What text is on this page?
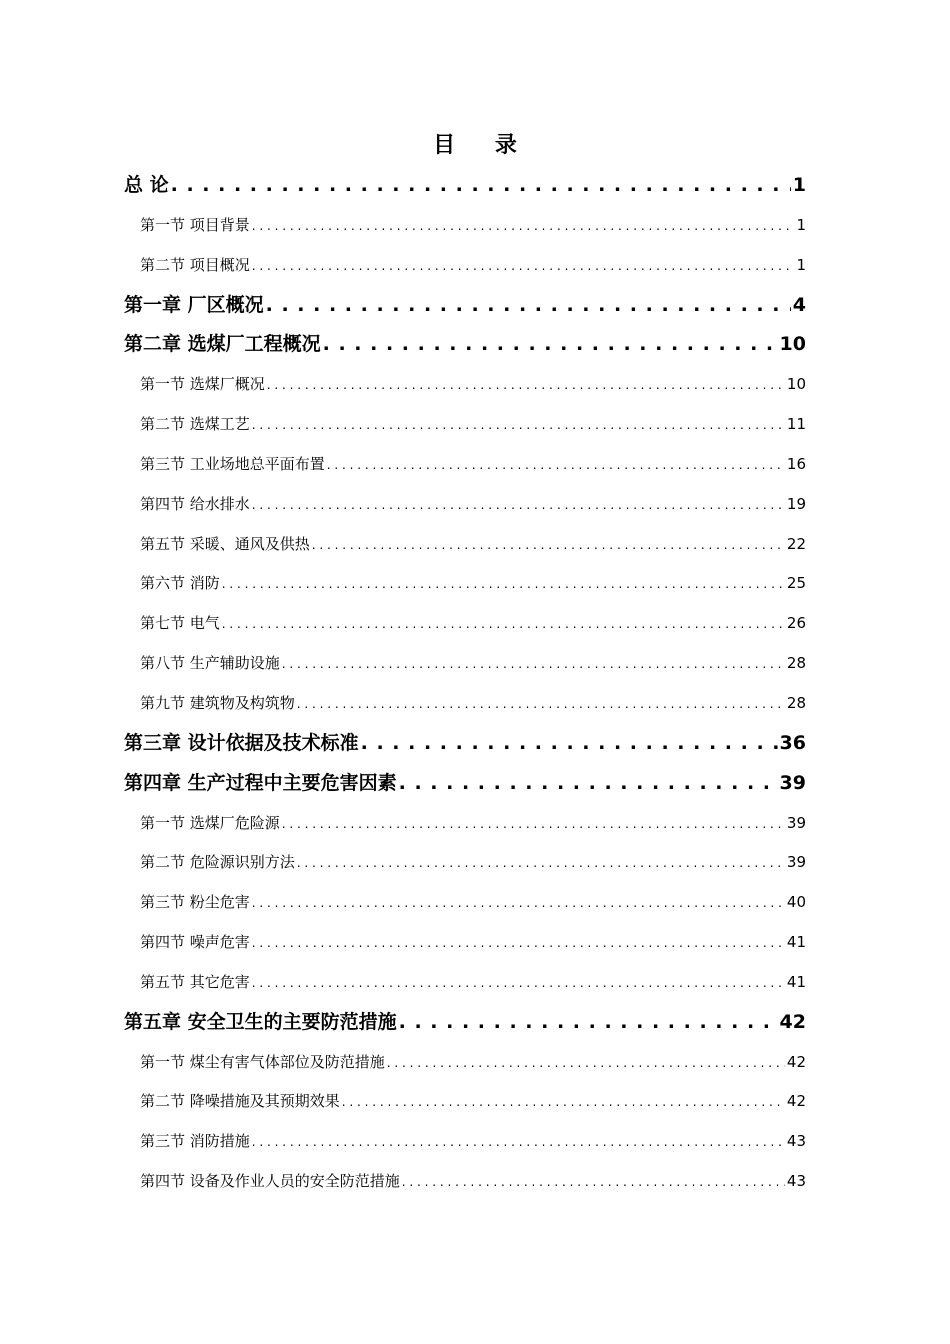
目 录
总 论 . . .	1
第一节 项目背景 . . .	1
第二节 项目概况 . . .	1
第一章 厂区概况 . . .	4
第二章 选煤厂工程概况 . . .	10
第一节 选煤厂概况 . . .	10
第二节 选煤工艺 . . .	11
第三节 工业场地总平面布置 . . .	16
第四节 给水排水 . . .	19
第五节 采暖、通风及供热 . . .	22
第六节 消防 . . .	25
第七节 电气 . . .	26
第八节 生产辅助设施 . . .	28
第九节 建筑物及构筑物 . . .	28
第三章 设计依据及技术标准 . . .	36
第四章 生产过程中主要危害因素 . . .	39
第一节 选煤厂危险源 . . .	39
第二节 危险源识别方法 . . .	39
第三节 粉尘危害 . . .	40
第四节 噪声危害 . . .	41
第五节 其它危害 . . .	41
第五章 安全卫生的主要防范措施 . . .	42
第一节 煤尘有害气体部位及防范措施 . . .	42
第二节 降噪措施及其预期效果 . . .	42
第三节 消防措施 . . .	43
第四节 设备及作业人员的安全防范措施 . . .	43
